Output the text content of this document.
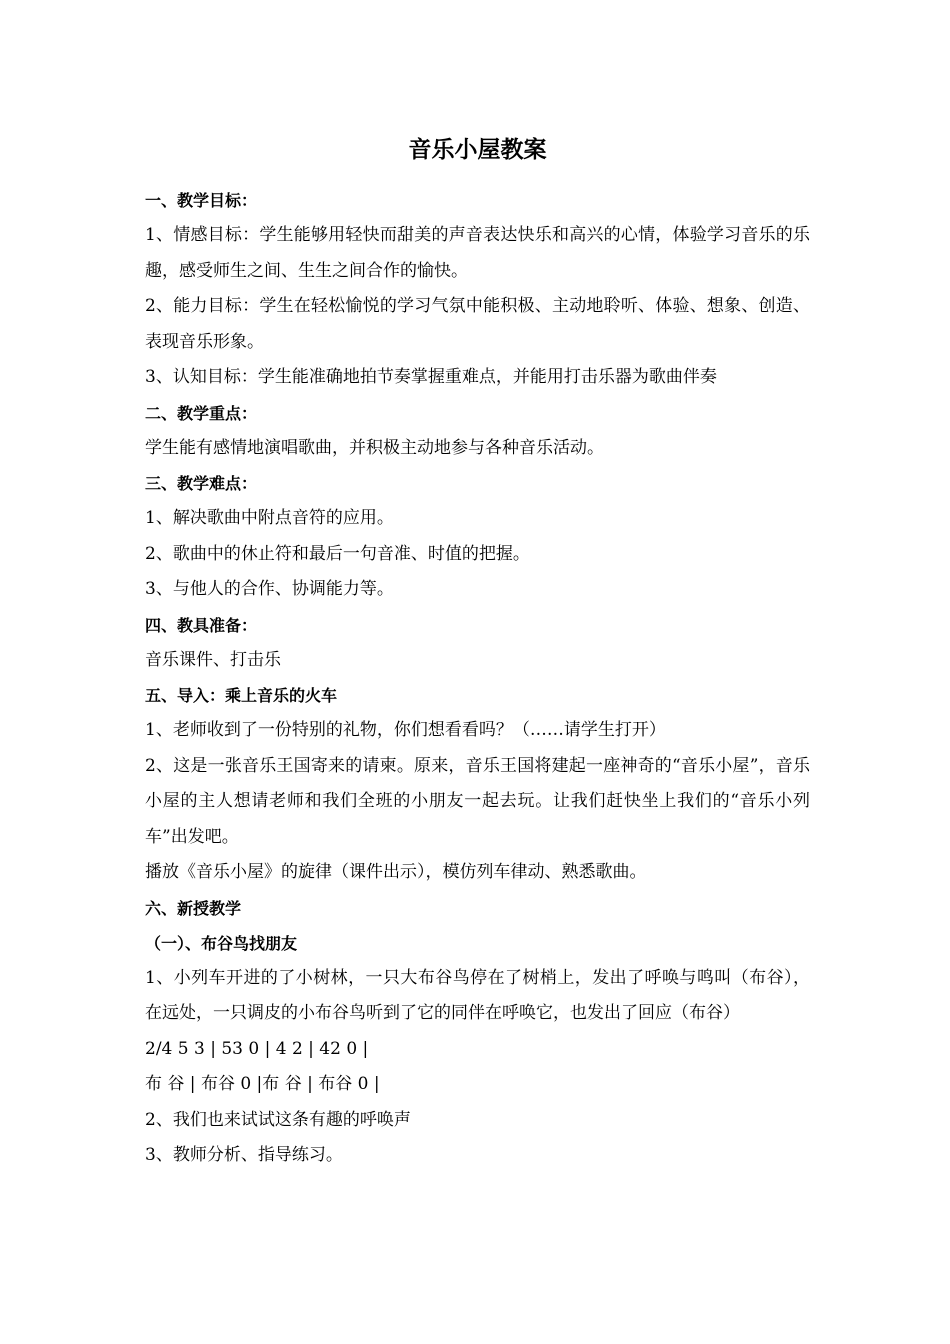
音乐小屋教案
一、教学目标：

1、情感目标：学生能够用轻快而甜美的声音表达快乐和高兴的心情，体验学习音乐的乐趣，感受师生之间、生生之间合作的愉快。

2、能力目标：学生在轻松愉悦的学习气氛中能积极、主动地聆听、体验、想象、创造、表现音乐形象。

3、认知目标：学生能准确地拍节奏掌握重难点，并能用打击乐器为歌曲伴奏

二、教学重点：

学生能有感情地演唱歌曲，并积极主动地参与各种音乐活动。

三、教学难点：

1、解决歌曲中附点音符的应用。

2、歌曲中的休止符和最后一句音准、时值的把握。

3、与他人的合作、协调能力等。

四、教具准备：

音乐课件、打击乐

五、导入：乘上音乐的火车

1、老师收到了一份特别的礼物，你们想看看吗？（……请学生打开）

2、这是一张音乐王国寄来的请柬。原来，音乐王国将建起一座神奇的“音乐小屋”，音乐小屋的主人想请老师和我们全班的小朋友一起去玩。让我们赶快坐上我们的“音乐小列车”出发吧。

播放《音乐小屋》的旋律（课件出示），模仿列车律动、熟悉歌曲。

六、新授教学
（一）、布谷鸟找朋友

1、小列车开进的了小树林，一只大布谷鸟停在了树梢上，发出了呼唤与鸣叫（布谷），在远处，一只调皮的小布谷鸟听到了它的同伴在呼唤它，也发出了回应（布谷）

2/4 5 3 | 53 0 | 4 2 | 42 0 |

布 谷 | 布谷 0 |布 谷 | 布谷 0 |

2、我们也来试试这条有趣的呼唤声

3、教师分析、指导练习。
